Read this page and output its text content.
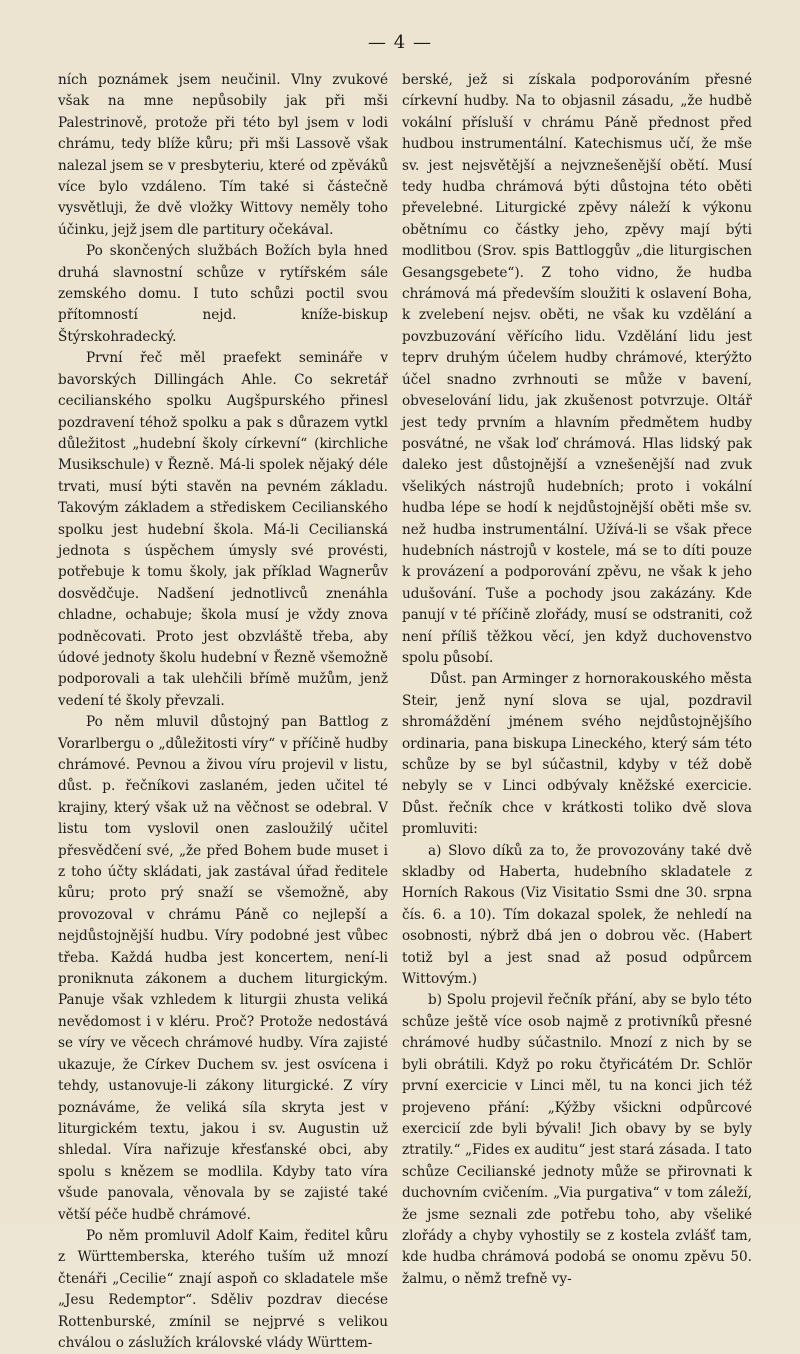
— 4 —

ních poznámek jsem neučinil. Vlny zvukové však na mne nepůsobily jak při mši Palestrinově, protože při této byl jsem v lodi chrámu, tedy blíže kůru; při mši Lassově však nalezal jsem se v presbyteriu, které od zpěváků více bylo vzdáleno. Tím také si částečně vysvětluji, že dvě vložky Wittovy neměly toho účinku, jejž jsem dle partitury očekával.

Po skončených službách Božích byla hned druhá slavnostní schůze v rytířském sále zemského domu. I tuto schůzi poctil svou přítomností nejd. kníže-biskup Štýrskohradecký.

První řeč měl praefekt semináře v bavorských Dillingách Ahle. Co sekretář cecilianského spolku Augšpurského přinesl pozdravení téhož spolku a pak s důrazem vytkl důležitost „hudební školy církevní“ (kirchliche Musikschule) v Řezně. Má-li spolek nějaký déle trvati, musí býti stavěn na pevném základu. Takovým základem a střediskem Cecilianského spolku jest hudební škola. Má-li Cecilianská jednota s úspěchem úmysly své provésti, potřebuje k tomu školy, jak příklad Wagnerův dosvědčuje. Nadšení jednotlivců znenáhla chladne, ochabuje; škola musí je vždy znova podněcovati. Proto jest obzvláště třeba, aby údové jednoty školu hudební v Řezně všemožně podporovali a tak ulehčili břímě mužům, jenž vedení té školy převzali.

Po něm mluvil důstojný pan Battlog z Vorarlbergu o „důležitosti víry“ v příčině hudby chrámové. Pevnou a živou víru projevil v listu, důst. p. řečníkovi zaslaném, jeden učitel té krajiny, který však už na věčnost se odebral. V listu tom vyslovil onen zasloužilý učitel přesvědčení své, „že před Bohem bude muset i z toho účty skládati, jak zastával úřad ředitele kůru; proto prý snaží se všemožně, aby provozoval v chrámu Páně co nejlepší a nejdůstojnější hudbu. Víry podobné jest vůbec třeba. Každá hudba jest koncertem, není-li proniknuta zákonem a duchem liturgickým. Panuje však vzhledem k liturgii zhusta veliká nevědomost i v kléru. Proč? Protože nedostává se víry ve věcech chrámové hudby. Víra zajisté ukazuje, že Církev Duchem sv. jest osvícena i tehdy, ustanovuje-li zákony liturgické. Z víry poznáváme, že veliká síla skryta jest v liturgickém textu, jakou i sv. Augustin už shledal. Víra nařizuje křesťanské obci, aby spolu s knězem se modlila. Kdyby tato víra všude panovala, věnovala by se zajisté také větší péče hudbě chrámové.

Po něm promluvil Adolf Kaim, ředitel kůru z Württemberska, kterého tuším už mnozí čtenáři „Cecilie“ znají aspoň co skladatele mše „Jesu Redemptor“. Sděliv pozdrav diecése Rottenburské, zmínil se nejprvé s velikou chválou o záslužích královské vlády Württem-

berské, jež si získala podporováním přesné církevní hudby. Na to objasnil zásadu, „že hudbě vokální přísluší v chrámu Páně přednost před hudbou instrumentální. Katechismus učí, že mše sv. jest nejsvětější a nejvznešenější obětí. Musí tedy hudba chrámová býti důstojna této oběti převelebné. Liturgické zpěvy náleží k výkonu obětnímu co částky jeho, zpěvy mají býti modlitbou (Srov. spis Battloggův „die liturgischen Gesangsgebete“). Z toho vidno, že hudba chrámová má především sloužiti k oslavení Boha, k zvelebení nejsv. oběti, ne však ku vzdělání a povzbuzování věřícího lidu. Vzdělání lidu jest teprv druhým účelem hudby chrámové, kterýžto účel snadno zvrhnouti se může v bavení, obveselování lidu, jak zkušenost potvrzuje. Oltář jest tedy prvním a hlavním předmětem hudby posvátné, ne však loď chrámová. Hlas lidský pak daleko jest důstojnější a vznešenější nad zvuk všelikých nástrojů hudebních; proto i vokální hudba lépe se hodí k nejdůstojnější oběti mše sv. než hudba instrumentální. Užívá-li se však přece hudebních nástrojů v kostele, má se to díti pouze k provázení a podporování zpěvu, ne však k jeho udušování. Tuše a pochody jsou zakázány. Kde panují v té příčině zlořády, musí se odstraniti, což není příliš těžkou věcí, jen když duchovenstvo spolu působí.

Důst. pan Arminger z hornorakouského města Steir, jenž nyní slova se ujal, pozdravil shromáždění jménem svého nejdůstojnějšího ordinaria, pana biskupa Lineckého, který sám této schůze by se byl súčastnil, kdyby v též době nebyly se v Linci odbývaly kněžské exercicie. Důst. řečník chce v krátkosti toliko dvě slova promluviti:

a) Slovo díků za to, že provozovány také dvě skladby od Haberta, hudebního skladatele z Horních Rakous (Viz Visitatio Ssmi dne 30. srpna čís. 6. a 10). Tím dokazal spolek, že nehledí na osobnosti, nýbrž dbá jen o dobrou věc. (Habert totiž byl a jest snad až posud odpůrcem Wittovým.)

b) Spolu projevil řečník přání, aby se bylo této schůze ještě více osob najmě z protivníků přesné chrámové hudby súčastnilo. Mnozí z nich by se byli obrátili. Když po roku čtyřicátém Dr. Schlör první exercicie v Linci měl, tu na konci jich též projeveno přání: „Kýžby všickni odpůrcové exercicií zde byli bývali! Jich obavy by se byly ztratily.“ „Fides ex auditu“ jest stará zásada. I tato schůze Cecilianské jednoty může se přirovnati k duchovním cvičením. „Via purgativa“ v tom záleží, že jsme seznali zde potřebu toho, aby všeliké zlořády a chyby vyhostily se z kostela zvlášť tam, kde hudba chrámová podobá se onomu zpěvu 50. žalmu, o němž trefně vy-
